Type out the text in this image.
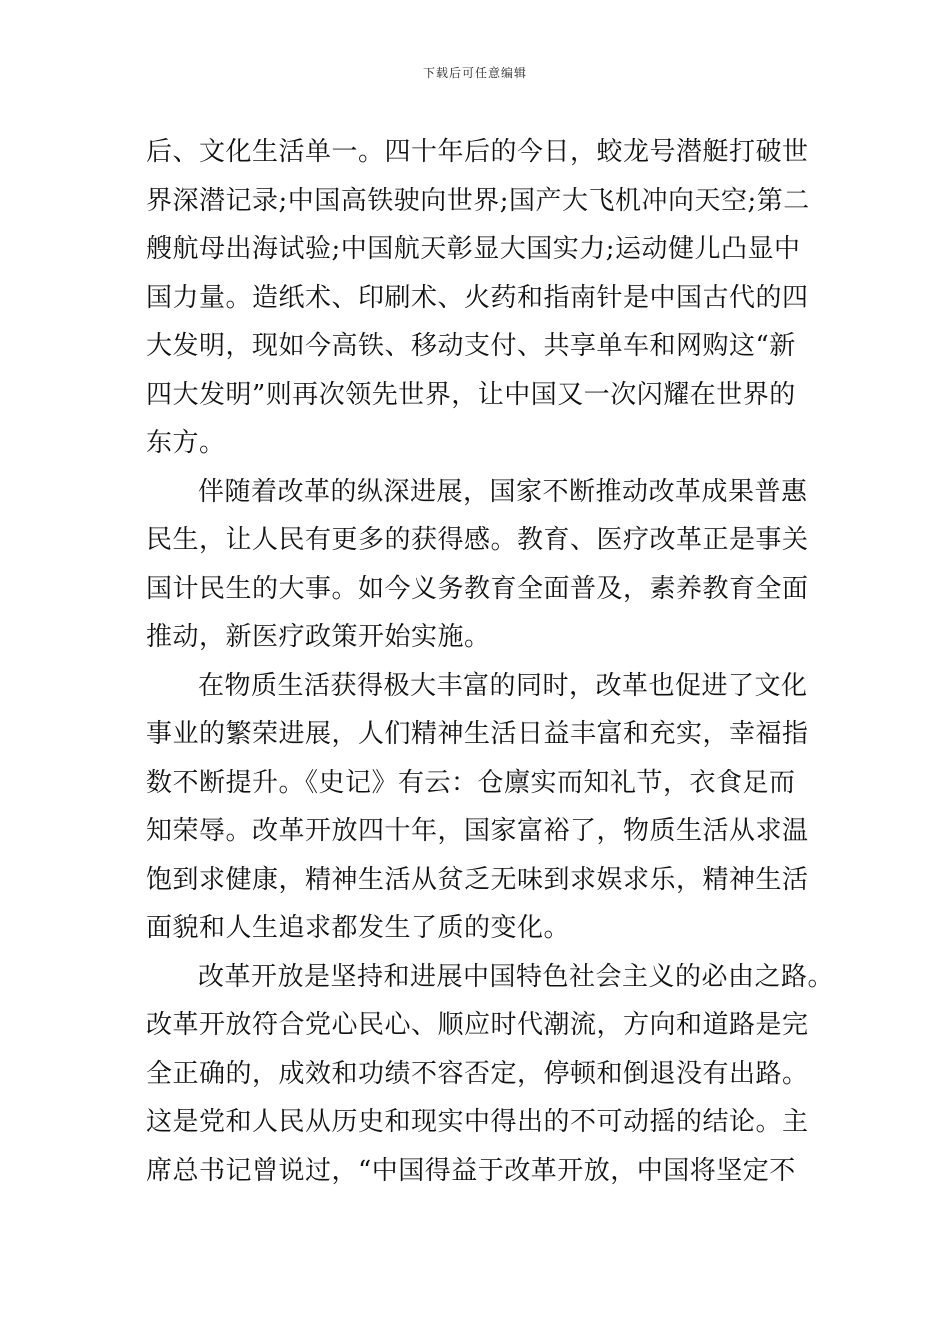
下载后可任意编辑
后、文化生活单一。四十年后的今日，蛟龙号潜艇打破世
界深潜记录;中国高铁驶向世界;国产大飞机冲向天空;第二
艘航母出海试验;中国航天彰显大国实力;运动健儿凸显中
国力量。造纸术、印刷术、火药和指南针是中国古代的四
大发明，现如今高铁、移动支付、共享单车和网购这“新
四大发明”则再次领先世界，让中国又一次闪耀在世界的
东方。
伴随着改革的纵深进展，国家不断推动改革成果普惠
民生，让人民有更多的获得感。教育、医疗改革正是事关
国计民生的大事。如今义务教育全面普及，素养教育全面
推动，新医疗政策开始实施。
在物质生活获得极大丰富的同时，改革也促进了文化
事业的繁荣进展，人们精神生活日益丰富和充实，幸福指
数不断提升。《史记》有云：仓廪实而知礼节，衣食足而
知荣辱。改革开放四十年，国家富裕了，物质生活从求温
饱到求健康，精神生活从贫乏无味到求娱求乐，精神生活
面貌和人生追求都发生了质的变化。
改革开放是坚持和进展中国特色社会主义的必由之路。
改革开放符合党心民心、顺应时代潮流，方向和道路是完
全正确的，成效和功绩不容否定，停顿和倒退没有出路。
这是党和人民从历史和现实中得出的不可动摇的结论。主
席总书记曾说过，“中国得益于改革开放，中国将坚定不
